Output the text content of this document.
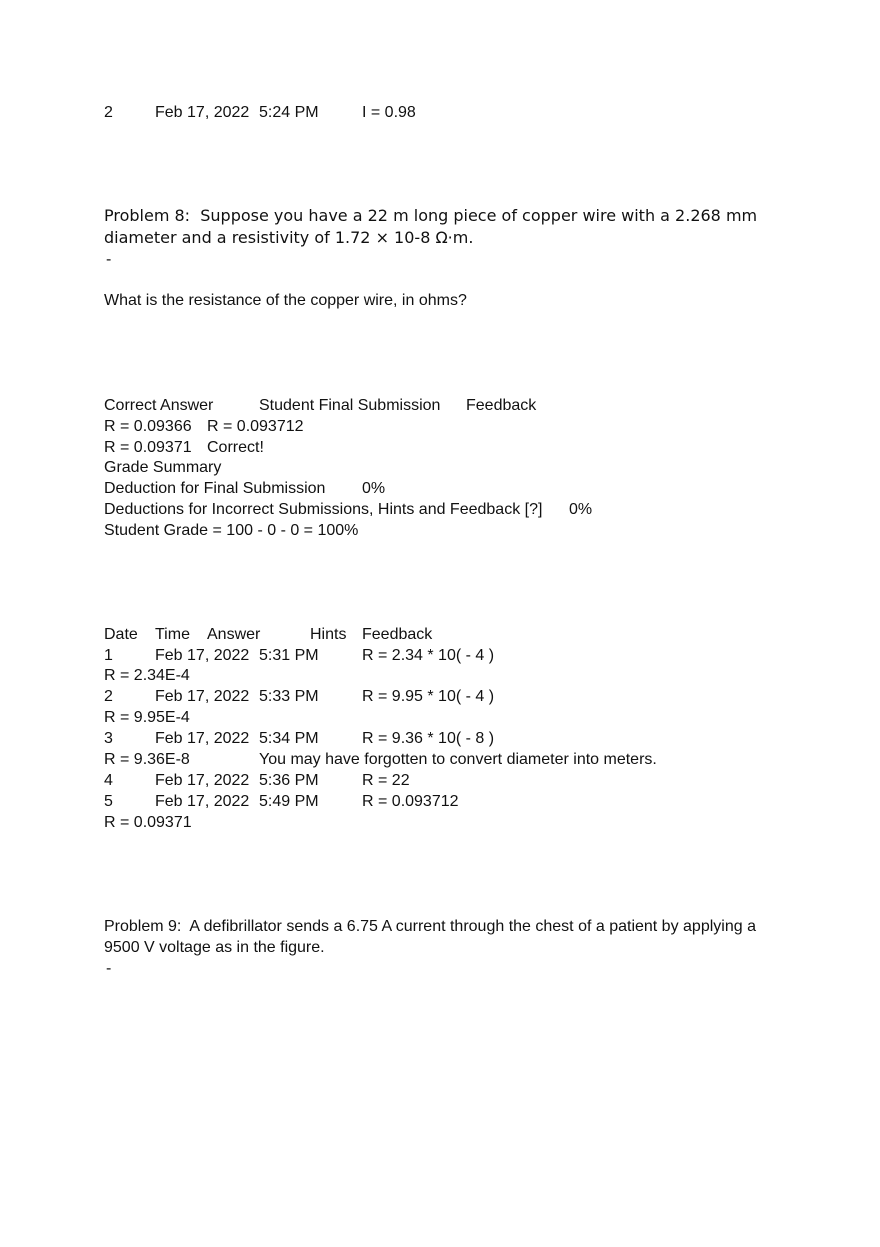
2	Feb 17, 2022 5:24 PM	I = 0.98
Problem 8:  Suppose you have a 22 m long piece of copper wire with a 2.268 mm
diameter and a resistivity of 1.72 × 10-8 Ω·m.
-
What is the resistance of the copper wire, in ohms?
Correct Answer	Student Final Submission Feedback
R = 0.09366 R = 0.093712
R = 0.09371 Correct!
Grade Summary
Deduction for Final Submission 0%
Deductions for Incorrect Submissions, Hints and Feedback [?] 0%
Student Grade = 100 - 0 - 0 = 100%
Date Time Answer	Hints Feedback
1	Feb 17, 2022 5:31 PM	R = 2.34 * 10( - 4 )
R = 2.34E-4
2	Feb 17, 2022 5:33 PM	R = 9.95 * 10( - 4 )
R = 9.95E-4
3	Feb 17, 2022 5:34 PM	R = 9.36 * 10( - 8 )
R = 9.36E-8	You may have forgotten to convert diameter into meters.
4	Feb 17, 2022 5:36 PM	R = 22
5	Feb 17, 2022 5:49 PM	R = 0.093712
R = 0.09371
Problem 9:  A defibrillator sends a 6.75 A current through the chest of a patient by applying a
9500 V voltage as in the figure.
-
